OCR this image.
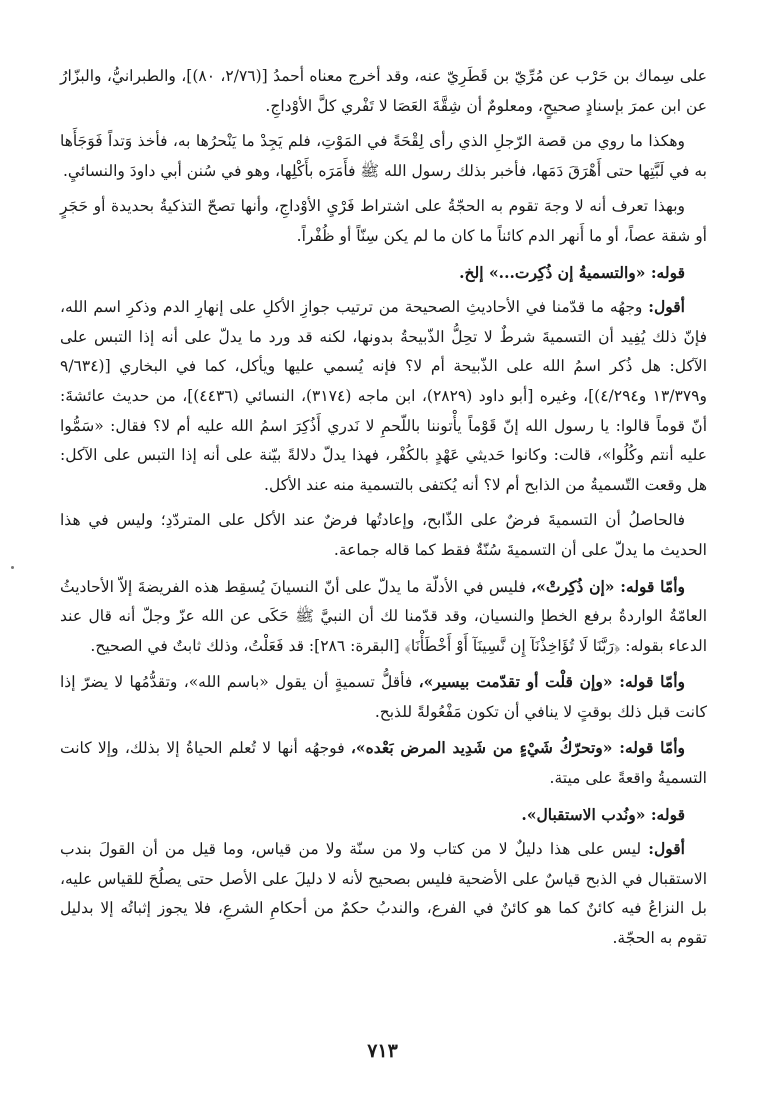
على سِماك بن حَرْب عن مُرِّيّ بن قَطَرِيّ عنه، وقد أخرج معناه أحمدُ [(٢/٧٦، ٨٠)]، والطبرانيُّ، والبزّارُ عن ابن عمرَ بإسنادٍ صحيحٍ، ومعلومٌ أن شِقَّةَ العَصَا لا تَفْري كلَّ الأوْداجِ.

وهكذا ما روي من قصة الرّجلِ الذي رأى لِقْحَةً في المَوْتِ، فلم يَجِدْ ما يَنْحرُها به، فأخذ وَتداً فَوَجَأَها به في لَبَّتِها حتى أَهْرَقَ دَمَها، فأخبر بذلك رسول الله ﷺ فأَمَرَه بأَكْلِها، وهو في سُنن أبي داودَ والنسائيِ.

وبهذا تعرف أنه لا وجهَ تقوم به الحجّةُ على اشتراط فَرْيِ الأوْداجِ، وأنها تصحّ التذكيةُ بحديدة أو حَجَرٍ أو شقة عصاً، أو ما أَنهر الدم كائناً ما كان ما لم يكن سِنّاً أو ظُفْراً.

قوله: «والتسميةُ إن ذُكِرت...» إلخ.

أقول: وجهُه ما قدّمنا في الأحاديثِ الصحيحة من ترتيب جوازِ الأكلِ على إنهارِ الدم وذكرِ اسم الله، فإنّ ذلك يُفِيد أن التسميةَ شرطٌ لا تحِلُّ الذّبيحةُ بدونها، لكنه قد ورد ما يدلّ على أنه إذا التبس على الآكل: هل ذُكر اسمُ الله على الذّبيحة أم لا؟ فإنه يُسمي عليها ويأكل، كما في البخاري [(٩/٦٣٤ و١٣/٣٧٩ و٤/٢٩٤)]، وغيره [أبو داود (٢٨٢٩)، ابن ماجه (٣١٧٤)، النسائي (٤٤٣٦)]، من حديث عائشةَ: أنّ قوماً قالوا: يا رسول الله إنّ قَوْماً يأْتوننا باللّحمِ لا نَدري أَذُكِرَ اسمُ الله عليه أم لا؟ فقال: «سَمُّوا عليه أنتم وكُلُوا»، قالت: وكانوا حَديثي عَهْدٍ بالكُفْر، فهذا يدلّ دلالةً بيّنة على أنه إذا التبس على الآكل: هل وقعت التّسميةُ من الذابح أم لا؟ أنه يُكتفى بالتسمية منه عند الأكل.

فالحاصلُ أن التسميةَ فرضٌ على الذّابح، وإعادتُها فرضٌ عند الأكل على المتردّدِ؛ وليس في هذا الحديث ما يدلّ على أن التسميةَ سُنّةٌ فقط كما قاله جماعة.

وأمّا قوله: «إن ذُكِرتْ»، فليس في الأدلّة ما يدلّ على أنّ النسيانَ يُسقِط هذه الفريضةَ إلاّ الأحاديثُ العامّةُ الواردةُ برفع الخطإ والنسيان، وقد قدّمنا لك أن النبيَّ ﷺ حَكَى عن الله عزّ وجلّ أنه قال عند الدعاء بقوله: ﴿رَبَّنَا لَا تُؤَاخِذْنَآ إِن نَّسِينَآ أَوْ أَخْطَأْنَا﴾ [البقرة: ٢٨٦]: قد فَعَلْتُ، وذلك ثابتٌ في الصحيح.

وأمّا قوله: «وإن قلْت أو تقدّمت بيسير»، فأقلُّ تسميةٍ أن يقول «باسم الله»، وتقدُّمُها لا يضرّ إذا كانت قبل ذلك بوقتٍ لا ينافي أن تكون مَفْعُولةً للذبح.

وأمّا قوله: «وتحرّكُ شَيْءٍ من شَدِيد المرض بَعْده»، فوجهُه أنها لا تُعلم الحياةُ إلا بذلك، وإلا كانت التسميةُ واقعةً على ميتة.

قوله: «ونُدب الاستقبال».

أقول: ليس على هذا دليلٌ لا من كتاب ولا من سنّة ولا من قياس، وما قيل من أن القولَ بندب الاستقبال في الذبح قياسٌ على الأضحية فليس بصحيح لأنه لا دليلَ على الأصل حتى يصلُحَ للقياس عليه، بل النزاعُ فيه كائنٌ كما هو كائنٌ في الفرع، والندبُ حكمٌ من أحكامِ الشرعِ، فلا يجوز إثباتُه إلا بدليل تقوم به الحجّة.

٧١٣
